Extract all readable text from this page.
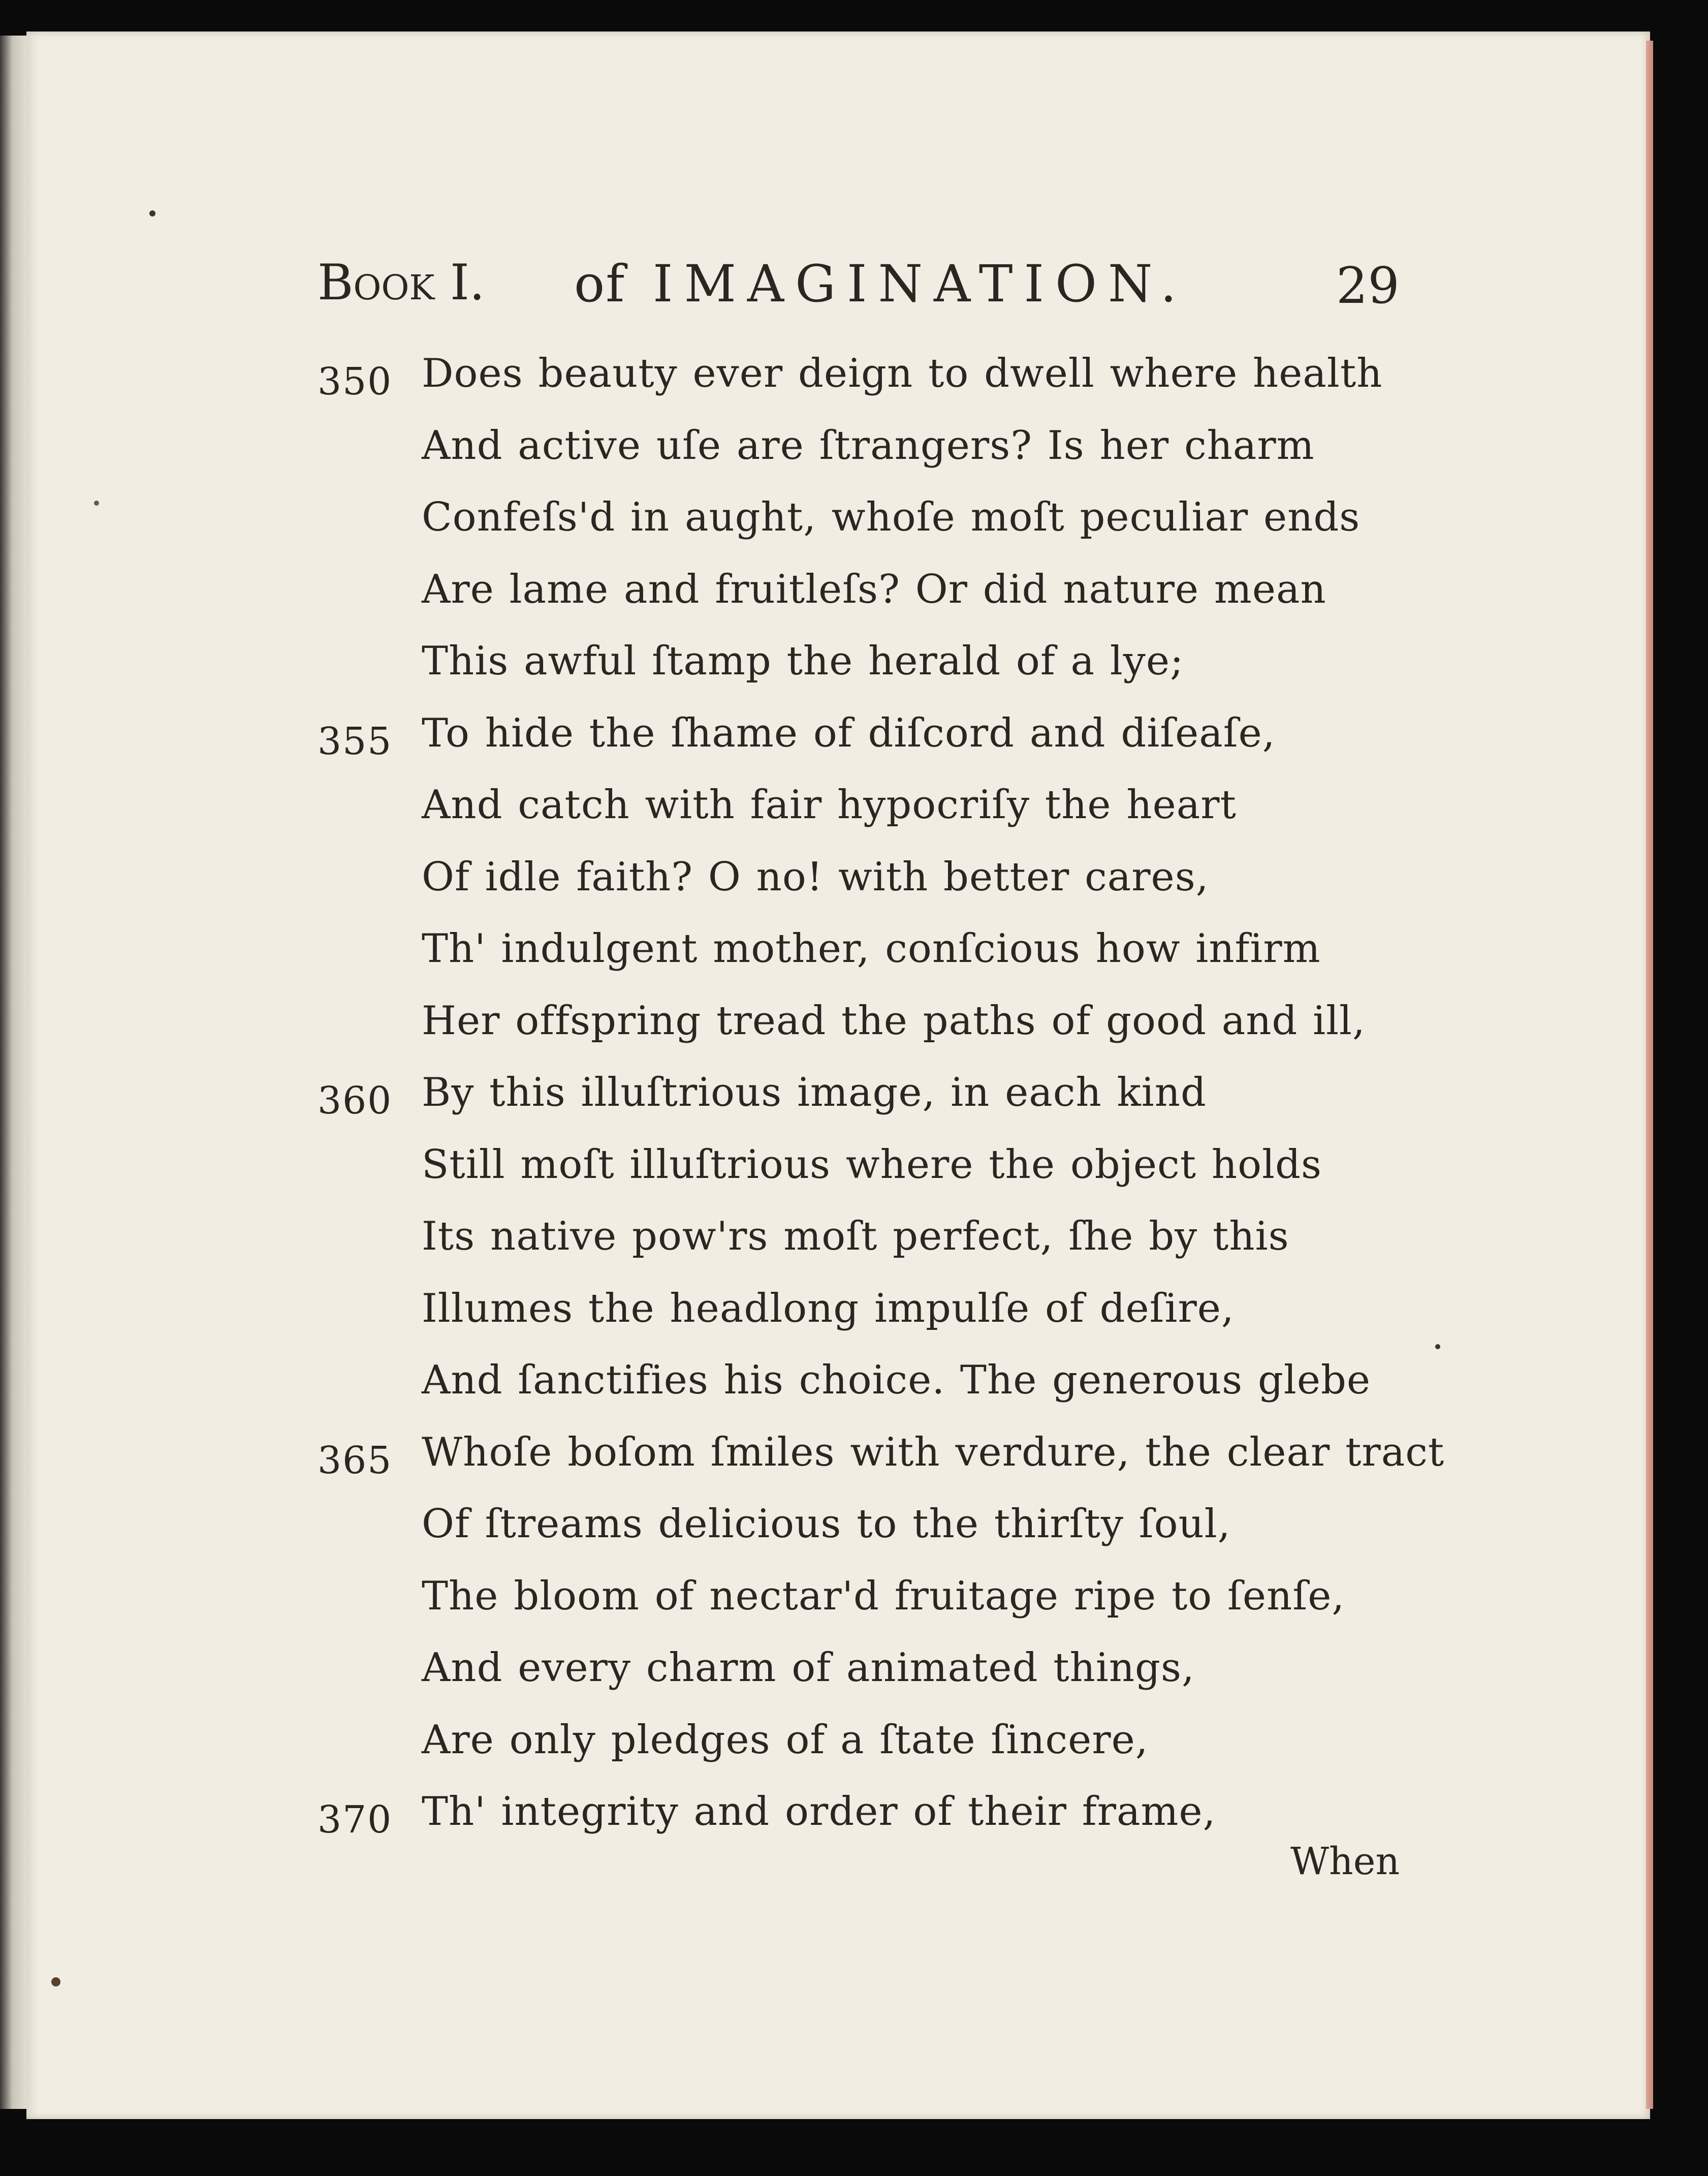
Book I. of IMAGINATION.	29
350 Does beauty ever deign to dwell where health
And active uſe are ſtrangers? Is her charm
Confeſs'd in aught, whoſe moſt peculiar ends
Are lame and fruitleſs? Or did nature mean
This awful ſtamp the herald of a lye;
355 To hide the ſhame of diſcord and diſeaſe,
And catch with fair hypocriſy the heart
Of idle faith? O no! with better cares,
Th' indulgent mother, conſcious how infirm
Her offspring tread the paths of good and ill,
360 By this illuſtrious image, in each kind
Still moſt illuſtrious where the object holds
Its native pow'rs moſt perfect, ſhe by this
Illumes the headlong impulſe of deſire,
And ſanctifies his choice. The generous glebe
365 Whoſe boſom ſmiles with verdure, the clear tract
Of ſtreams delicious to the thirſty ſoul,
The bloom of nectar'd fruitage ripe to ſenſe,
And every charm of animated things,
Are only pledges of a ſtate ſincere,
370 Th' integrity and order of their frame,
When
